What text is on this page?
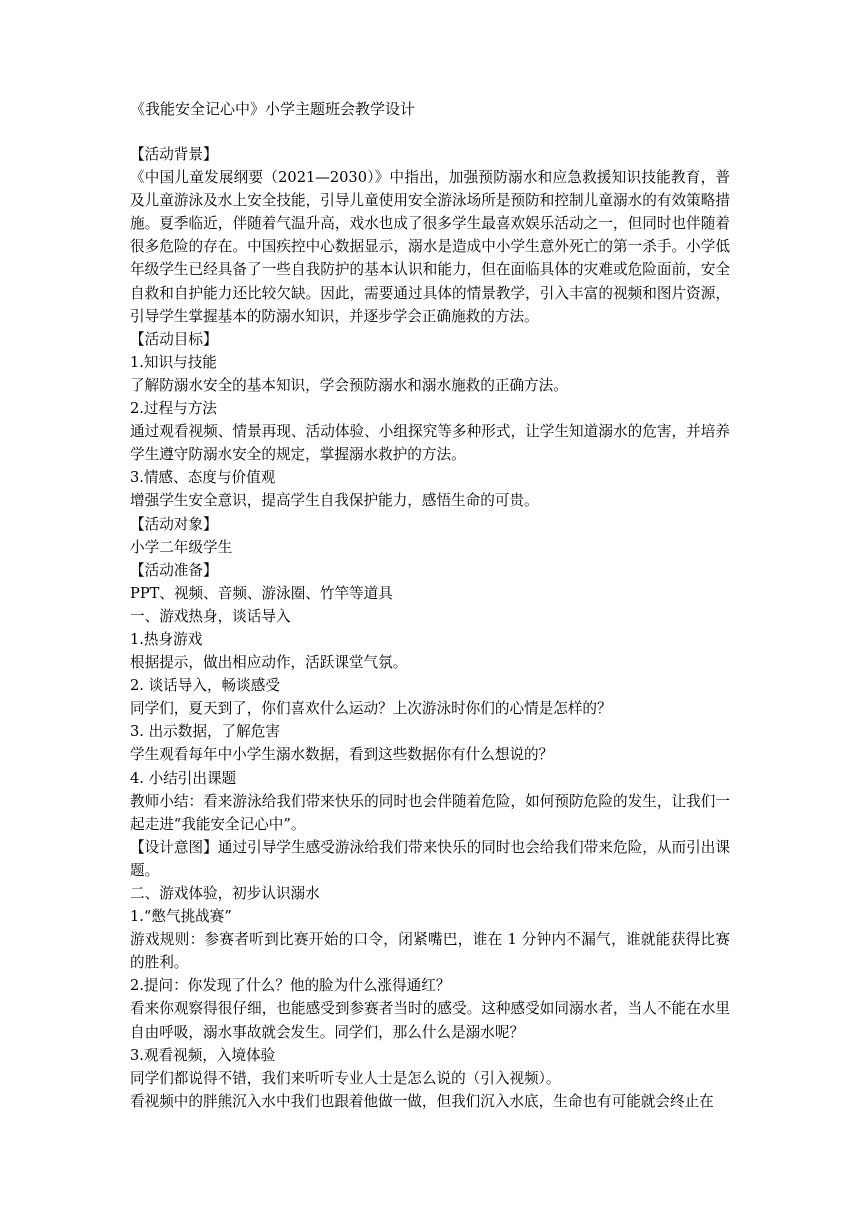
《我能安全记心中》小学主题班会教学设计

【活动背景】

《中国儿童发展纲要（2021—2030）》中指出，加强预防溺水和应急救援知识技能教育，普及儿童游泳及水上安全技能，引导儿童使用安全游泳场所是预防和控制儿童溺水的有效策略措施。夏季临近，伴随着气温升高，戏水也成了很多学生最喜欢娱乐活动之一，但同时也伴随着很多危险的存在。中国疾控中心数据显示，溺水是造成中小学生意外死亡的第一杀手。小学低年级学生已经具备了一些自我防护的基本认识和能力，但在面临具体的灾难或危险面前，安全自救和自护能力还比较欠缺。因此，需要通过具体的情景教学，引入丰富的视频和图片资源，引导学生掌握基本的防溺水知识，并逐步学会正确施救的方法。

【活动目标】

1.知识与技能

了解防溺水安全的基本知识，学会预防溺水和溺水施救的正确方法。

2.过程与方法

通过观看视频、情景再现、活动体验、小组探究等多种形式，让学生知道溺水的危害，并培养学生遵守防溺水安全的规定，掌握溺水救护的方法。

3.情感、态度与价值观

增强学生安全意识，提高学生自我保护能力，感悟生命的可贵。

【活动对象】

小学二年级学生

【活动准备】

PPT、视频、音频、游泳圈、竹竿等道具

一、游戏热身，谈话导入

1.热身游戏

根据提示，做出相应动作，活跃课堂气氛。

2. 谈话导入，畅谈感受

同学们，夏天到了，你们喜欢什么运动？上次游泳时你们的心情是怎样的？

3. 出示数据，了解危害

学生观看每年中小学生溺水数据，看到这些数据你有什么想说的？

4. 小结引出课题

教师小结：看来游泳给我们带来快乐的同时也会伴随着危险，如何预防危险的发生，让我们一起走进“我能安全记心中”。

【设计意图】通过引导学生感受游泳给我们带来快乐的同时也会给我们带来危险，从而引出课题。

二、游戏体验，初步认识溺水

1.“憋气挑战赛”

游戏规则：参赛者听到比赛开始的口令，闭紧嘴巴，谁在 1 分钟内不漏气，谁就能获得比赛的胜利。

2.提问：你发现了什么？他的脸为什么涨得通红？

看来你观察得很仔细，也能感受到参赛者当时的感受。这种感受如同溺水者，当人不能在水里自由呼吸，溺水事故就会发生。同学们，那么什么是溺水呢？

3.观看视频，入境体验

同学们都说得不错，我们来听听专业人士是怎么说的（引入视频）。

看视频中的胖熊沉入水中我们也跟着他做一做，但我们沉入水底，生命也有可能就会终止在
